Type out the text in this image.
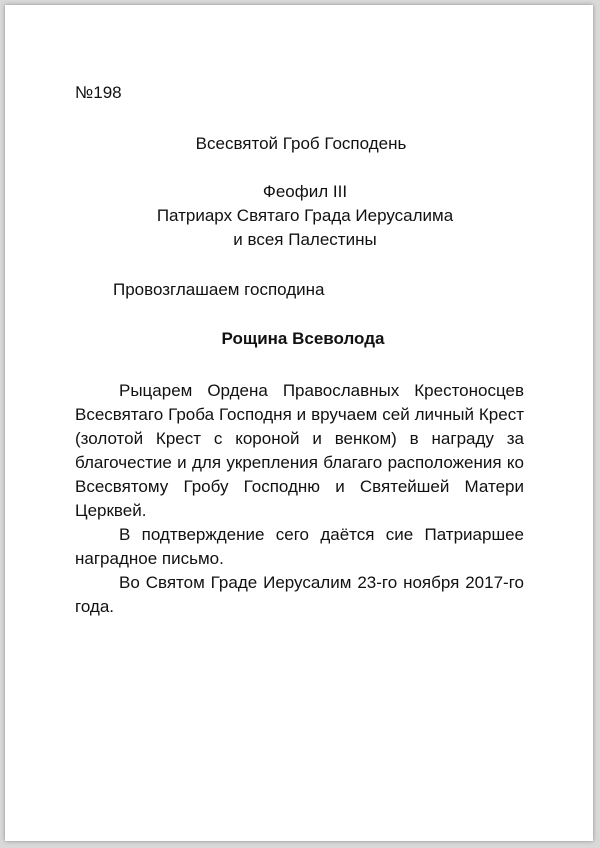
№198
Всесвятой Гроб Господень
Феофил III
Патриарх Святаго Града Иерусалима
и всея Палестины
Провозглашаем господина
Рощина Всеволода
Рыцарем Ордена Православных Крестоносцев Всесвятаго Гроба Господня и вручаем сей личный Крест (золотой Крест с короной и венком) в награду за благочестие и для укрепления благаго расположения ко Всесвятому Гробу Господню и Святейшей Матери Церквей.
В подтверждение сего даётся сие Патриаршее наградное письмо.
Во Святом Граде Иерусалим 23-го ноября 2017-го года.
